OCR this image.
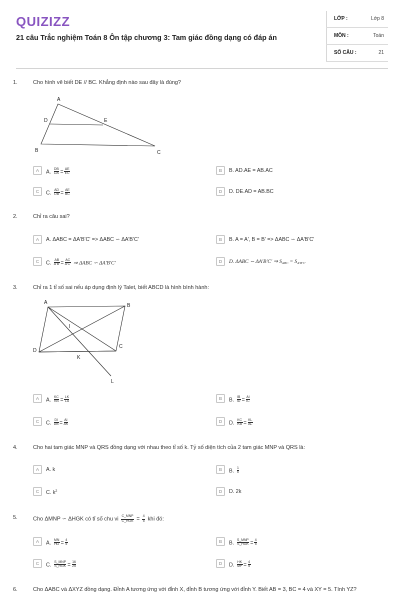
QUIZIZZ
21 câu Trắc nghiệm Toán 8 Ôn tập chương 3: Tam giác đồng dạng có đáp án
LỚP :	Lớp 8
MÔN :	Toán
SỐ CÂU :	21
1.	Cho hình vẽ biết DE // BC. Khẳng định nào sau đây là đúng?
A
D	E
B	C
A	A. $\frac{DB}{DA} = \frac{AE}{EC}$	B	B. AD.AE = AB.AC
C	C. $\frac{AD}{DB} = \frac{AE}{BC}$	D	D. DE.AD = AB.BC
2.	Chỉ ra câu sai?
A	A. ΔABC = ΔA'B'C' => ΔABC ∽ ΔA'B'C'	B	B. A = A', B = B' => ΔABC ∽ ΔA'B'C'
C	C. $\frac{AB}{A'B'} = \frac{AC}{A'C'}$ ⇒ ΔABC ∽ ΔA'B'C'	D	D. ΔABC ∽ ΔA'B'C' ⇒ $S_{ABC} = S_{A'B'C'}$
3.	Chỉ ra 1 tỉ số sai nếu áp dụng định lý Talet, biết ABCD là hình bình hành:
A	B
I
C
D
K
L
A	A. $\frac{KC}{KB} = \frac{LK}{LA}$	B	B. $\frac{IB}{ID} = \frac{AI}{IC}$
C	C. $\frac{DI}{DB} = \frac{AI}{AK}$	D	D. $\frac{KC}{KB} = \frac{KL}{AL}$
4.	Cho hai tam giác MNP và QRS đồng dạng với nhau theo tỉ số k. Tỷ số diện tích của 2 tam giác MNP và QRS là:
A	A. k	B	B. $\frac{1}{k}$
C	C. $k^2$	D	D. 2k
5.	Cho ΔMNP ∽ ΔHGK có tỉ số chu vi $\frac{\text{C\_MNP}}{\text{C\_HGK}} = \frac{4}{5}$ khi đó:
A	A. $\frac{MN}{HG} = \frac{4}{5}$	B	B. $\frac{\text{S\_MNP}}{\text{S\_HGK}} = \frac{4}{5}$
C	C. $\frac{\text{S\_MNP}}{\text{S\_HGK}} = \frac{16}{25}$	D	D. $\frac{HK}{MP} = \frac{4}{5}$
6.	Cho ΔABC và ΔXYZ đồng dạng. Đỉnh A tương ứng với đỉnh X, đỉnh B tương ứng với đỉnh Y. Biết AB = 3, BC = 4 và XY = 5. Tính YZ?
